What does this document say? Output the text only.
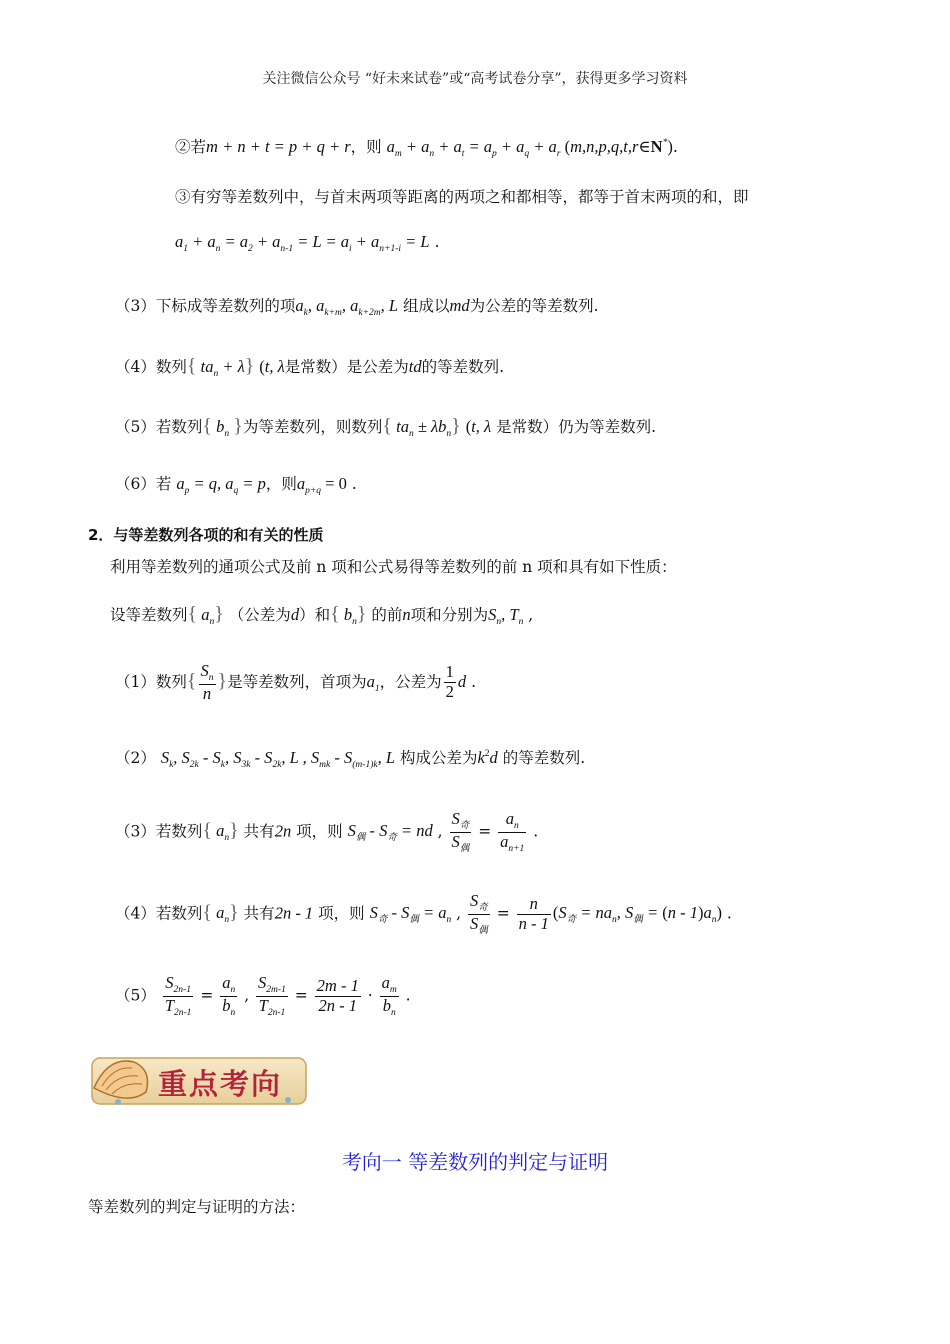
关注微信公众号 “好未来试卷”或“高考试卷分享”，获得更多学习资料
②若m + n + t = p + q + r，则 $a_m + a_n + a_t = a_p + a_q + a_r$ (m,n,p,q,t,r∈N*).
③有穷等差数列中，与首末两项等距离的两项之和都相等，都等于首末两项的和，即
$a_1 + a_n = a_2 + a_{n-1} = L = a_i + a_{n+1-i} = L$ .
（3）下标成等差数列的项$a_k$, $a_{k+m}$, $a_{k+2m}$, L 组成以md为公差的等差数列.
（4）数列{ $ta_n + \lambda$} (t, λ是常数）是公差为td的等差数列.
（5）若数列{ $b_n$ }为等差数列，则数列{ $ta_n \pm \lambda b_n$} (t, λ 是常数）仍为等差数列.
（6）若 $a_p = q$, $a_q = p$，则$a_{p+q} = 0$ .
2．与等差数列各项的和有关的性质
利用等差数列的通项公式及前 n 项和公式易得等差数列的前 n 项和具有如下性质：
设等差数列{ $a_n$} （公差为d）和{ $b_n$} 的前n项和分别为$S_n$, $T_n$ ,
（1）数列{ $\frac{S_n}{n}$ }是等差数列，首项为$a_1$，公差为 $\frac{1}{2}$ d .
（2） $S_k$, $S_{2k} - S_k$, $S_{3k} - S_{2k}$, L , $S_{mk} - S_{(m-1)k}$, L 构成公差为$k^2d$ 的等差数列.
（3）若数列{ $a_n$} 共有2n 项，则 $S_偶 - S_奇$ = nd , $\frac{S_奇}{S_偶} = \frac{a_n}{a_{n+1}}$ .
（4）若数列{ $a_n$} 共有2n - 1 项，则 $S_奇 - S_偶 = a_n$ , $\frac{S_奇}{S_偶} = \frac{n}{n - 1} (S_奇 = na_n$, $S_偶 = (n - 1)a_n$) .
$(5) \frac{S_{2n-1}}{T_{2n-1}} = \frac{a_n}{b_n}$ , $\frac{S_{2m-1}}{T_{2n-1}} = \frac{2m - 1}{2n - 1} \cdot \frac{a_m}{b_n}$ .
重点考向
考向一 等差数列的判定与证明
等差数列的判定与证明的方法：
